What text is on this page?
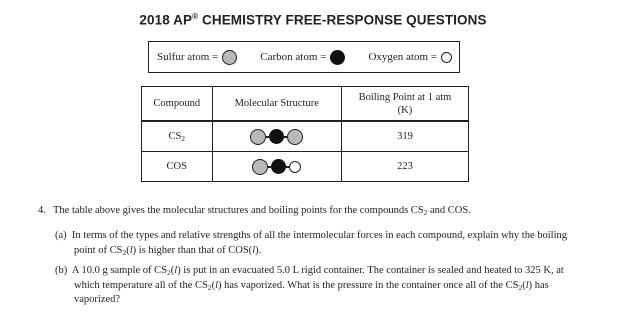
2018 AP® CHEMISTRY FREE-RESPONSE QUESTIONS
Sulfur atom =	Carbon atom =	Oxygen atom =
Compound	Molecular Structure	Boiling Point at 1 atm
(K)

$CS_2$		319
COS		223
4. The table above gives the molecular structures and boiling points for the compounds $CS_2$ and COS.
(a) In terms of the types and relative strengths of all the intermolecular forces in each compound, explain why the boiling point of $CS_2(l)$ is higher than that of COS(l).
(b) A 10.0 g sample of $CS_2(l)$ is put in an evacuated 5.0 L rigid container. The container is sealed and heated to 325 K, at which temperature all of the $CS_2(l)$ has vaporized. What is the pressure in the container once all of the $CS_2(l)$ has vaporized?
